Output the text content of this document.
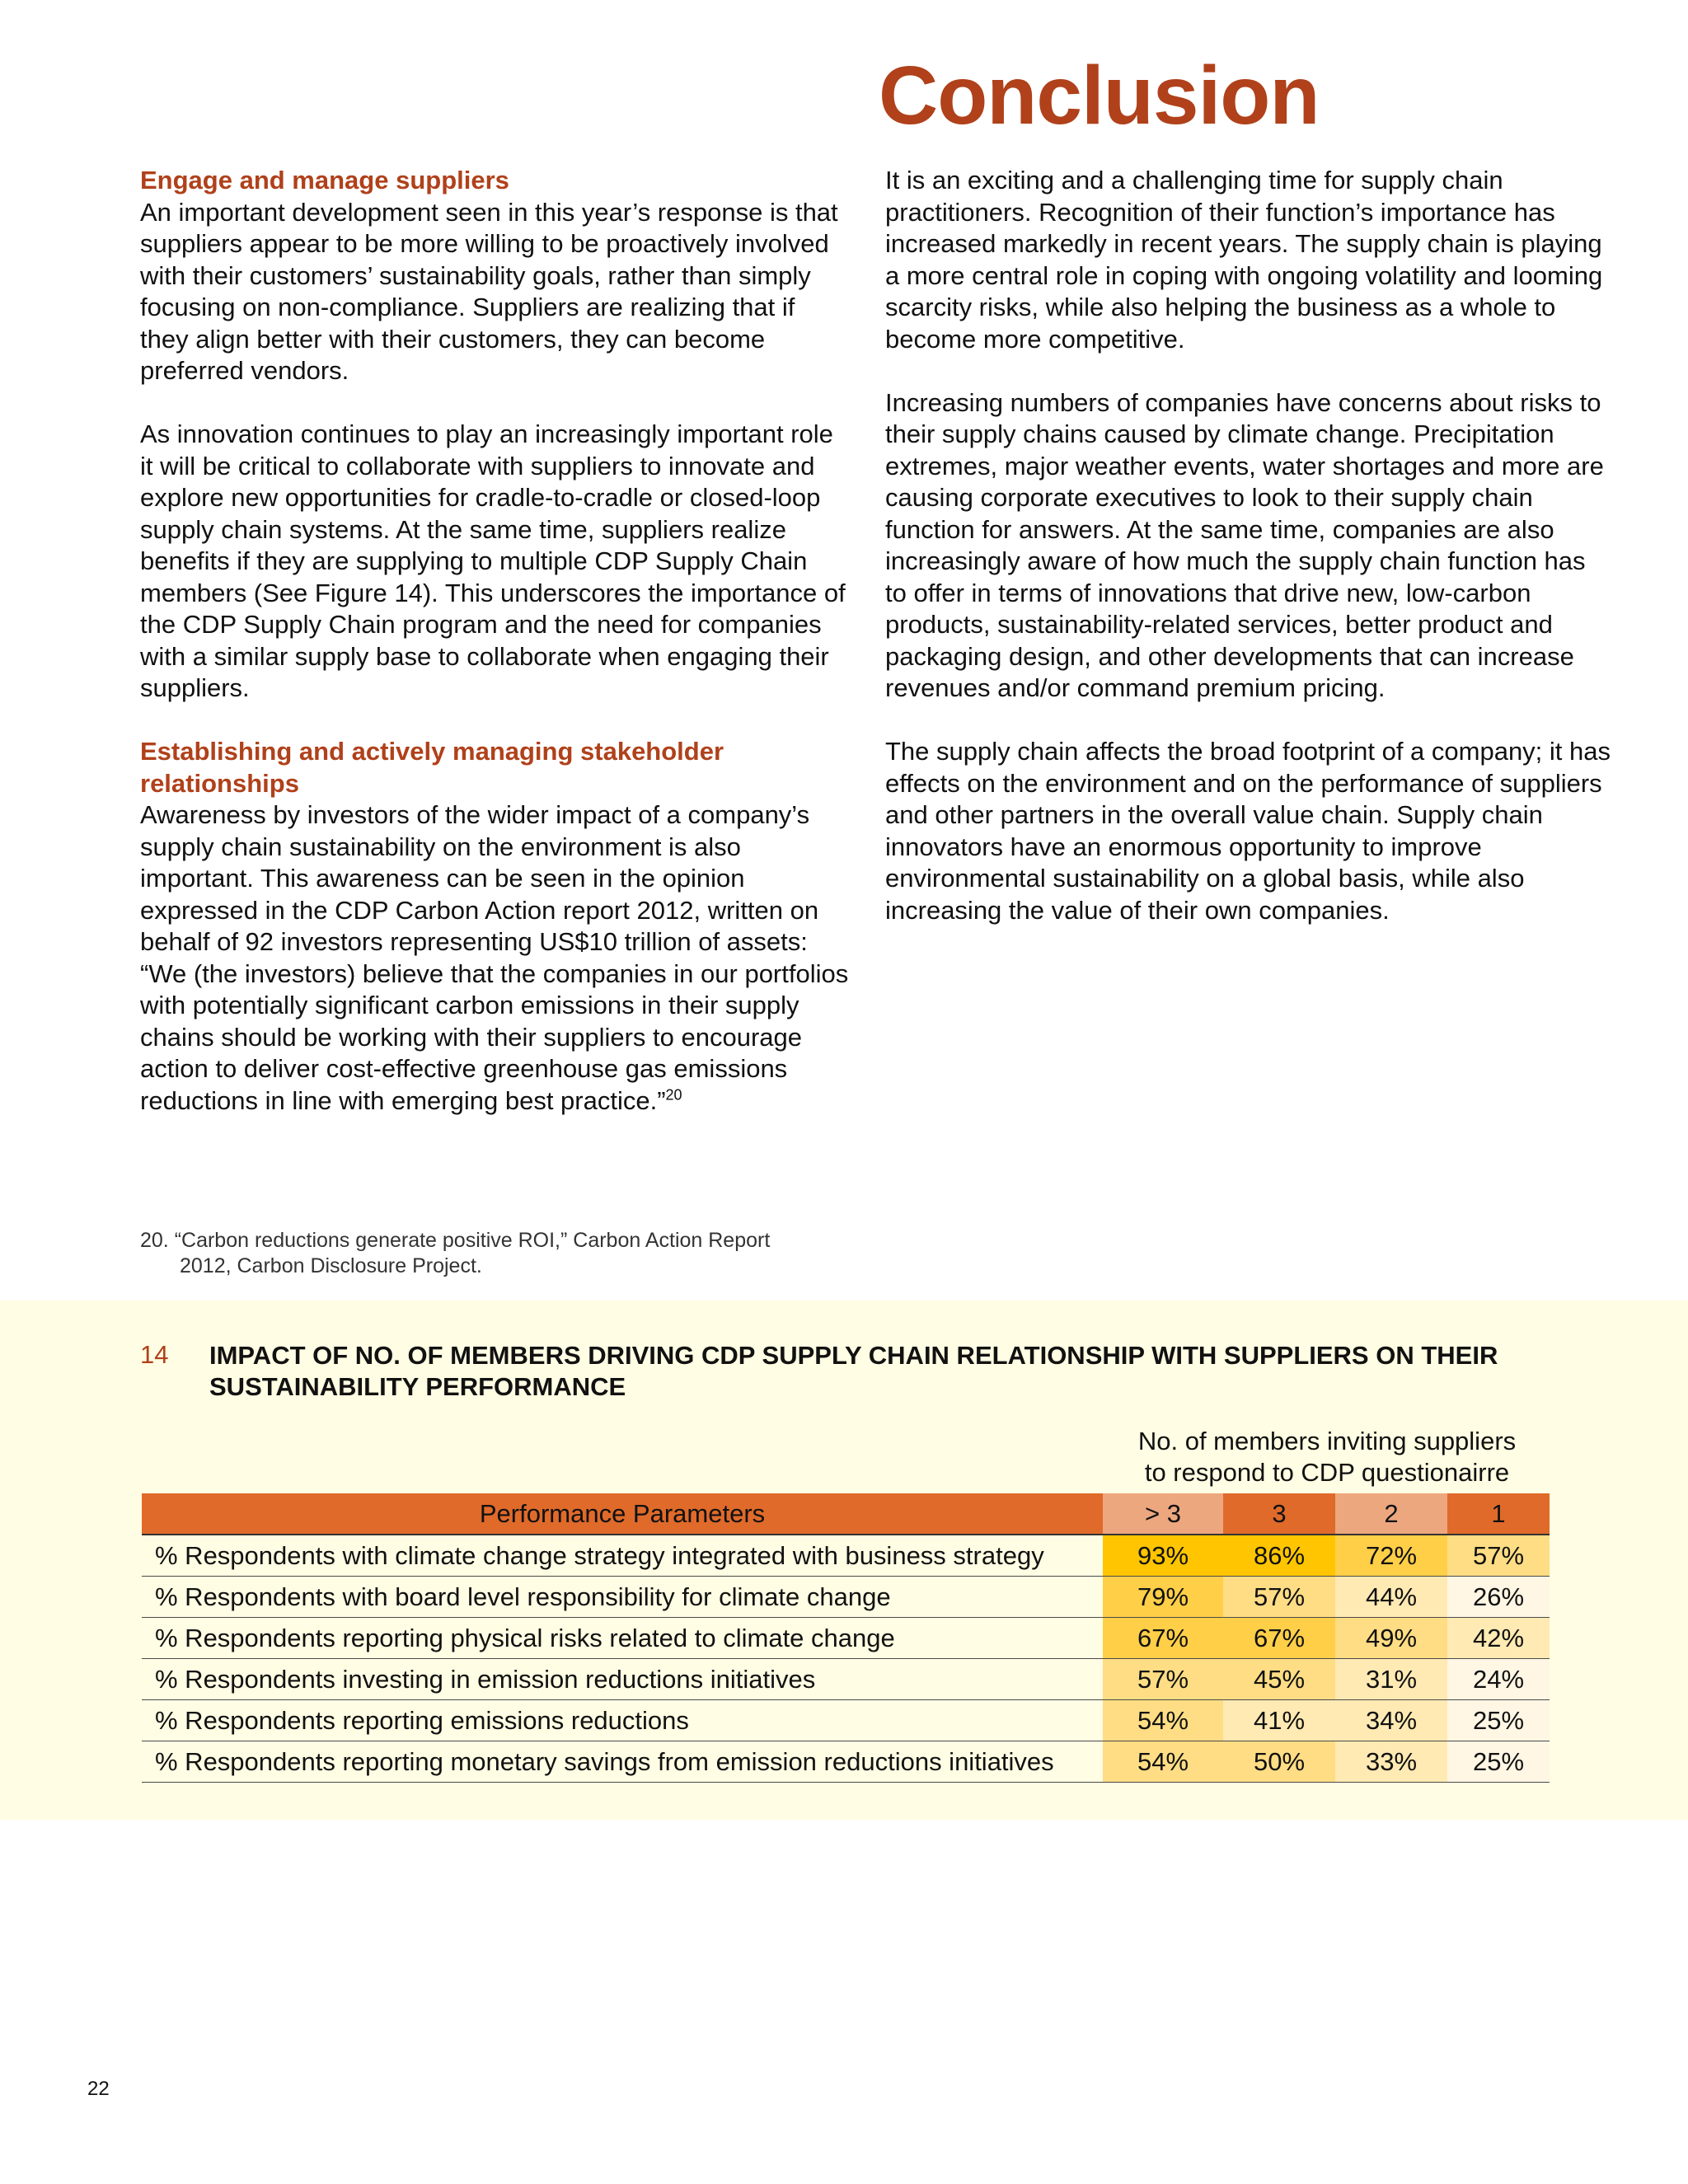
Conclusion
Engage and manage suppliers

An important development seen in this year’s response is that suppliers appear to be more willing to be proactively involved with their customers’ sustainability goals, rather than simply focusing on non-compliance. Suppliers are realizing that if they align better with their customers, they can become preferred vendors.

As innovation continues to play an increasingly important role it will be critical to collaborate with suppliers to innovate and explore new opportunities for cradle-to-cradle or closed-loop supply chain systems. At the same time, suppliers realize benefits if they are supplying to multiple CDP Supply Chain members (See Figure 14). This underscores the importance of the CDP Supply Chain program and the need for companies with a similar supply base to collaborate when engaging their suppliers.

Establishing and actively managing stakeholder relationships

Awareness by investors of the wider impact of a company’s supply chain sustainability on the environment is also important. This awareness can be seen in the opinion expressed in the CDP Carbon Action report 2012, written on behalf of 92 investors representing US$10 trillion of assets: “We (the investors) believe that the companies in our portfolios with potentially significant carbon emissions in their supply chains should be working with their suppliers to encourage action to deliver cost-effective greenhouse gas emissions reductions in line with emerging best practice.”$^{20}$

It is an exciting and a challenging time for supply chain practitioners. Recognition of their function’s importance has increased markedly in recent years. The supply chain is playing a more central role in coping with ongoing volatility and looming scarcity risks, while also helping the business as a whole to become more competitive.

Increasing numbers of companies have concerns about risks to their supply chains caused by climate change. Precipitation extremes, major weather events, water shortages and more are causing corporate executives to look to their supply chain function for answers. At the same time, companies are also increasingly aware of how much the supply chain function has to offer in terms of innovations that drive new, low-carbon products, sustainability-related services, better product and packaging design, and other developments that can increase revenues and/or command premium pricing.

The supply chain affects the broad footprint of a company; it has effects on the environment and on the performance of suppliers and other partners in the overall value chain. Supply chain innovators have an enormous opportunity to improve environmental sustainability on a global basis, while also increasing the value of their own companies.

20. “Carbon reductions generate positive ROI,” Carbon Action Report
2012, Carbon Disclosure Project.
14 IMPACT OF NO. OF MEMBERS DRIVING CDP SUPPLY CHAIN RELATIONSHIP WITH SUPPLIERS ON THEIR SUSTAINABILITY PERFORMANCE
No. of members inviting suppliers
to respond to CDP questionairre
Performance Parameters	> 3	3	2	1
% Respondents with climate change strategy integrated with business strategy	93%	86%	72%	57%
% Respondents with board level responsibility for climate change	79%	57%	44%	26%
% Respondents reporting physical risks related to climate change	67%	67%	49%	42%
% Respondents investing in emission reductions initiatives	57%	45%	31%	24%
% Respondents reporting emissions reductions	54%	41%	34%	25%
% Respondents reporting monetary savings from emission reductions initiatives	54%	50%	33%	25%
22
